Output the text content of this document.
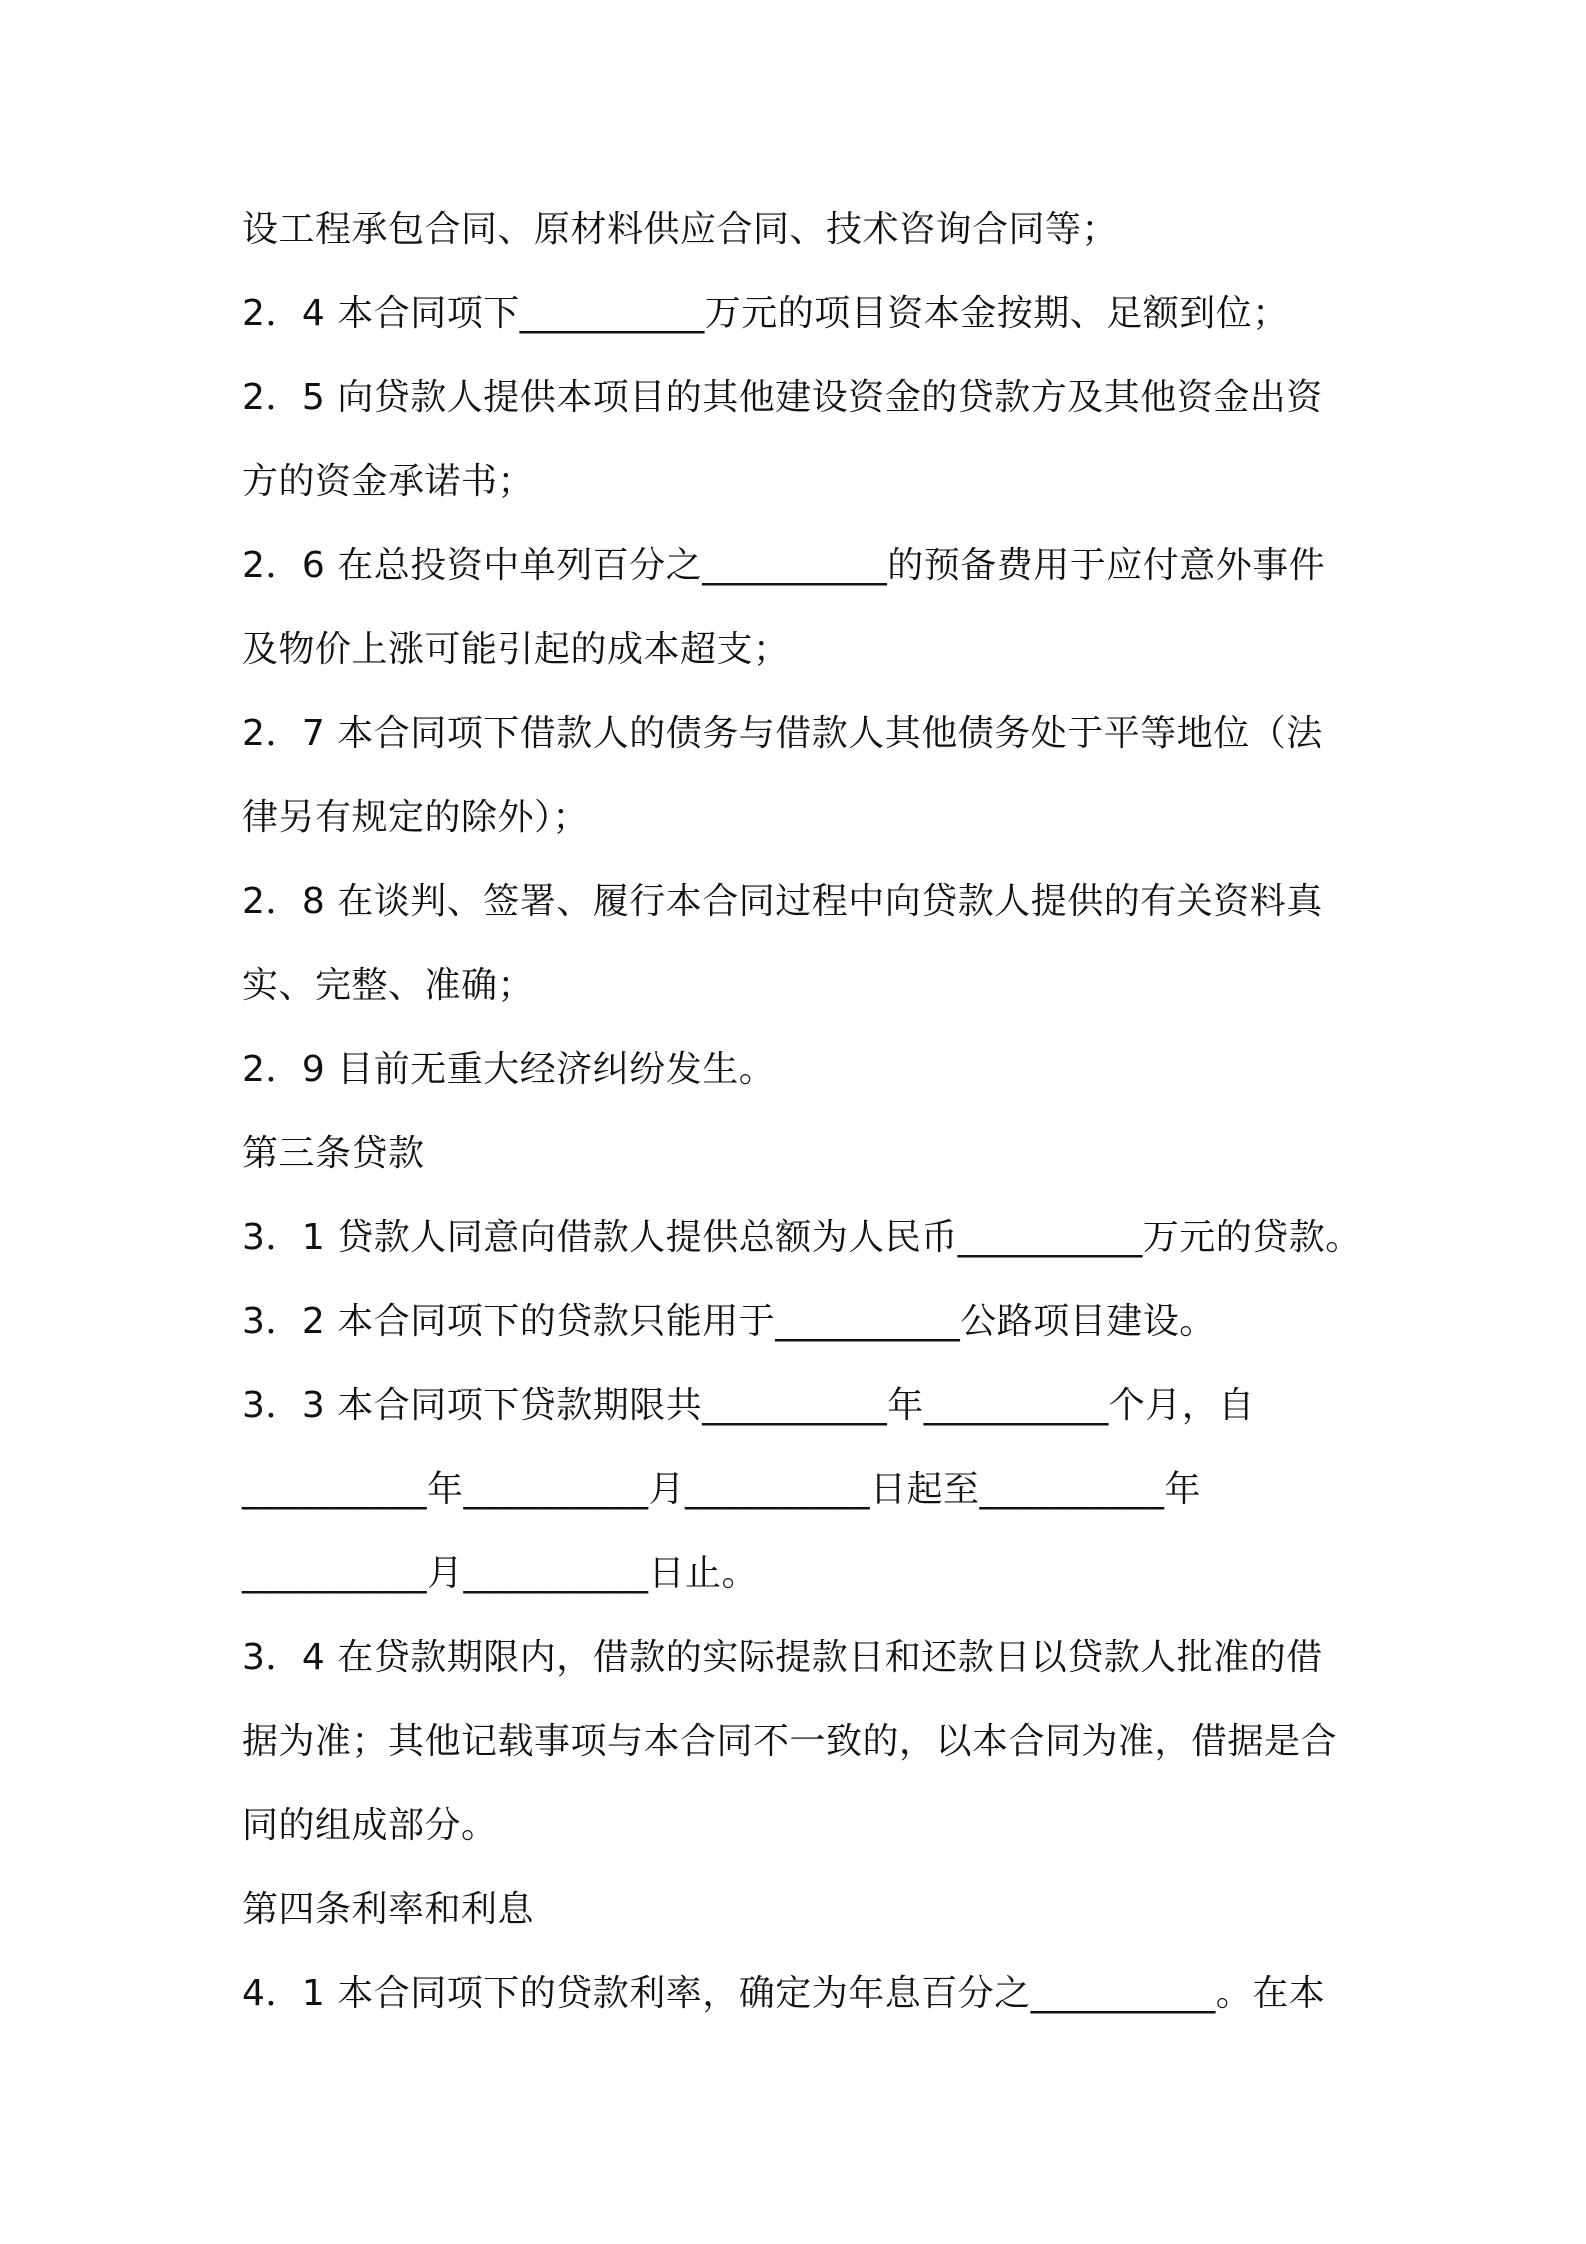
设工程承包合同、原材料供应合同、技术咨询合同等；
2．4 本合同项下__________万元的项目资本金按期、足额到位；
2．5 向贷款人提供本项目的其他建设资金的贷款方及其他资金出资
方的资金承诺书；
2．6 在总投资中单列百分之__________的预备费用于应付意外事件
及物价上涨可能引起的成本超支；
2．7 本合同项下借款人的债务与借款人其他债务处于平等地位（法
律另有规定的除外）；
2．8 在谈判、签署、履行本合同过程中向贷款人提供的有关资料真
实、完整、准确；
2．9 目前无重大经济纠纷发生。
第三条贷款
3．1 贷款人同意向借款人提供总额为人民币__________万元的贷款。
3．2 本合同项下的贷款只能用于__________公路项目建设。
3．3 本合同项下贷款期限共__________年__________个月，自
__________年__________月__________日起至__________年
__________月__________日止。
3．4 在贷款期限内，借款的实际提款日和还款日以贷款人批准的借
据为准；其他记载事项与本合同不一致的，以本合同为准，借据是合
同的组成部分。
第四条利率和利息
4．1 本合同项下的贷款利率，确定为年息百分之__________。在本
